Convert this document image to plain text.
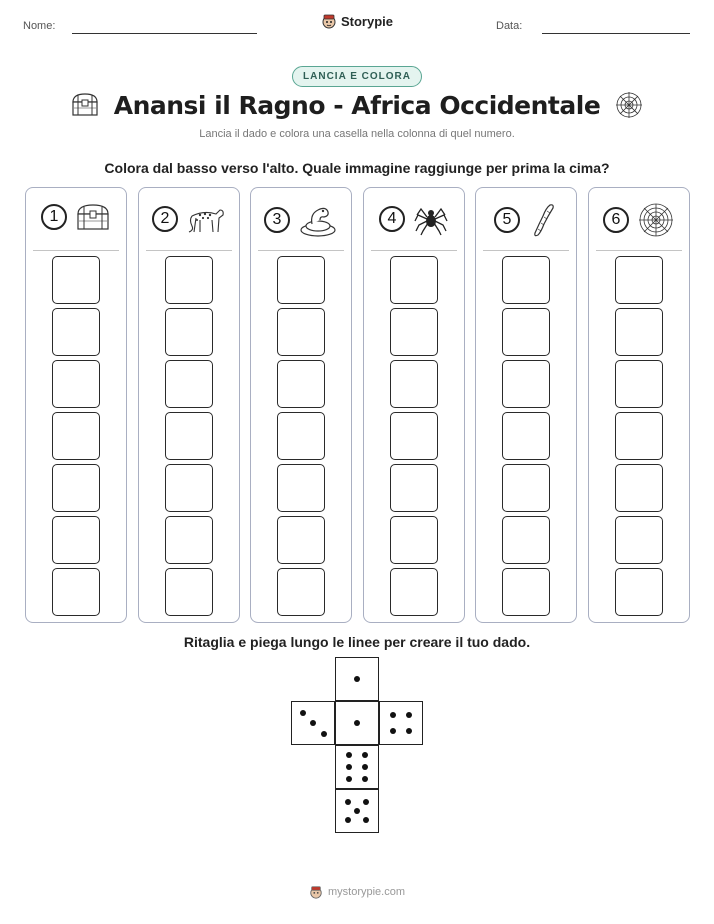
Nome:	Storypie	Data:
LANCIA E COLORA
Anansi il Ragno - Africa Occidentale
Lancia il dado e colora una casella nella colonna di quel numero.
Colora dal basso verso l'alto. Quale immagine raggiunge per prima la cima?
1	2	3	4	5	6
Ritaglia e piega lungo le linee per creare il tuo dado.
mystorypie.com
